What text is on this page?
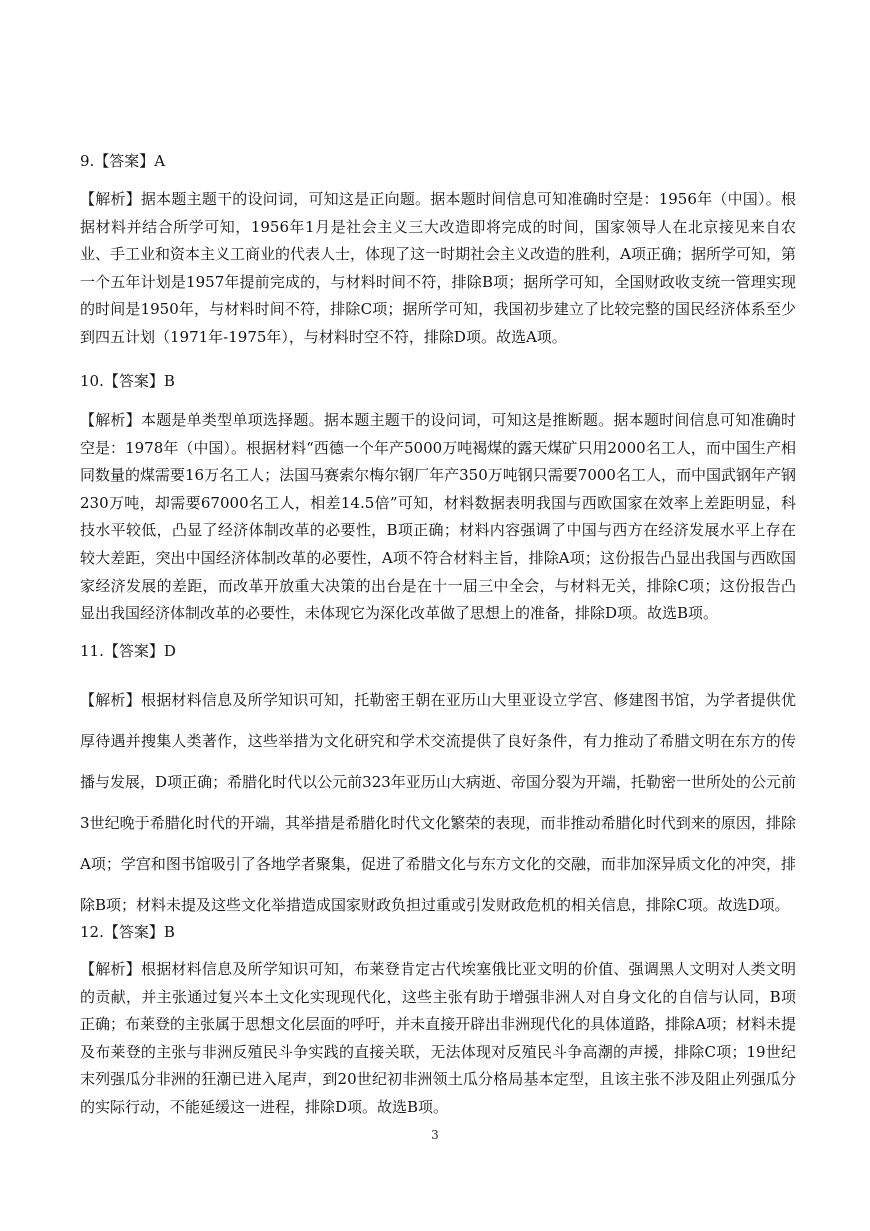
9.【答案】A
【解析】据本题主题干的设问词，可知这是正向题。据本题时间信息可知准确时空是：1956年（中国）。根据材料并结合所学可知，1956年1月是社会主义三大改造即将完成的时间，国家领导人在北京接见来自农业、手工业和资本主义工商业的代表人士，体现了这一时期社会主义改造的胜利，A项正确；据所学可知，第一个五年计划是1957年提前完成的，与材料时间不符，排除B项；据所学可知，全国财政收支统一管理实现的时间是1950年，与材料时间不符，排除C项；据所学可知，我国初步建立了比较完整的国民经济体系至少到四五计划（1971年-1975年），与材料时空不符，排除D项。故选A项。
10.【答案】B
【解析】本题是单类型单项选择题。据本题主题干的设问词，可知这是推断题。据本题时间信息可知准确时空是：1978年（中国）。根据材料“西德一个年产5000万吨褐煤的露天煤矿只用2000名工人，而中国生产相同数量的煤需要16万名工人；法国马赛索尔梅尔钢厂年产350万吨钢只需要7000名工人，而中国武钢年产钢230万吨，却需要67000名工人，相差14.5倍”可知，材料数据表明我国与西欧国家在效率上差距明显，科技水平较低，凸显了经济体制改革的必要性，B项正确；材料内容强调了中国与西方在经济发展水平上存在较大差距，突出中国经济体制改革的必要性，A项不符合材料主旨，排除A项；这份报告凸显出我国与西欧国家经济发展的差距，而改革开放重大决策的出台是在十一届三中全会，与材料无关，排除C项；这份报告凸显出我国经济体制改革的必要性，未体现它为深化改革做了思想上的准备，排除D项。故选B项。
11.【答案】D
【解析】根据材料信息及所学知识可知，托勒密王朝在亚历山大里亚设立学宫、修建图书馆，为学者提供优厚待遇并搜集人类著作，这些举措为文化研究和学术交流提供了良好条件，有力推动了希腊文明在东方的传播与发展，D项正确；希腊化时代以公元前323年亚历山大病逝、帝国分裂为开端，托勒密一世所处的公元前3世纪晚于希腊化时代的开端，其举措是希腊化时代文化繁荣的表现，而非推动希腊化时代到来的原因，排除A项；学宫和图书馆吸引了各地学者聚集，促进了希腊文化与东方文化的交融，而非加深异质文化的冲突，排除B项；材料未提及这些文化举措造成国家财政负担过重或引发财政危机的相关信息，排除C项。故选D项。
12.【答案】B
【解析】根据材料信息及所学知识可知，布莱登肯定古代埃塞俄比亚文明的价值、强调黑人文明对人类文明的贡献，并主张通过复兴本土文化实现现代化，这些主张有助于增强非洲人对自身文化的自信与认同，B项正确；布莱登的主张属于思想文化层面的呼吁，并未直接开辟出非洲现代化的具体道路，排除A项；材料未提及布莱登的主张与非洲反殖民斗争实践的直接关联，无法体现对反殖民斗争高潮的声援，排除C项；19世纪末列强瓜分非洲的狂潮已进入尾声，到20世纪初非洲领土瓜分格局基本定型，且该主张不涉及阻止列强瓜分的实际行动，不能延缓这一进程，排除D项。故选B项。
3
